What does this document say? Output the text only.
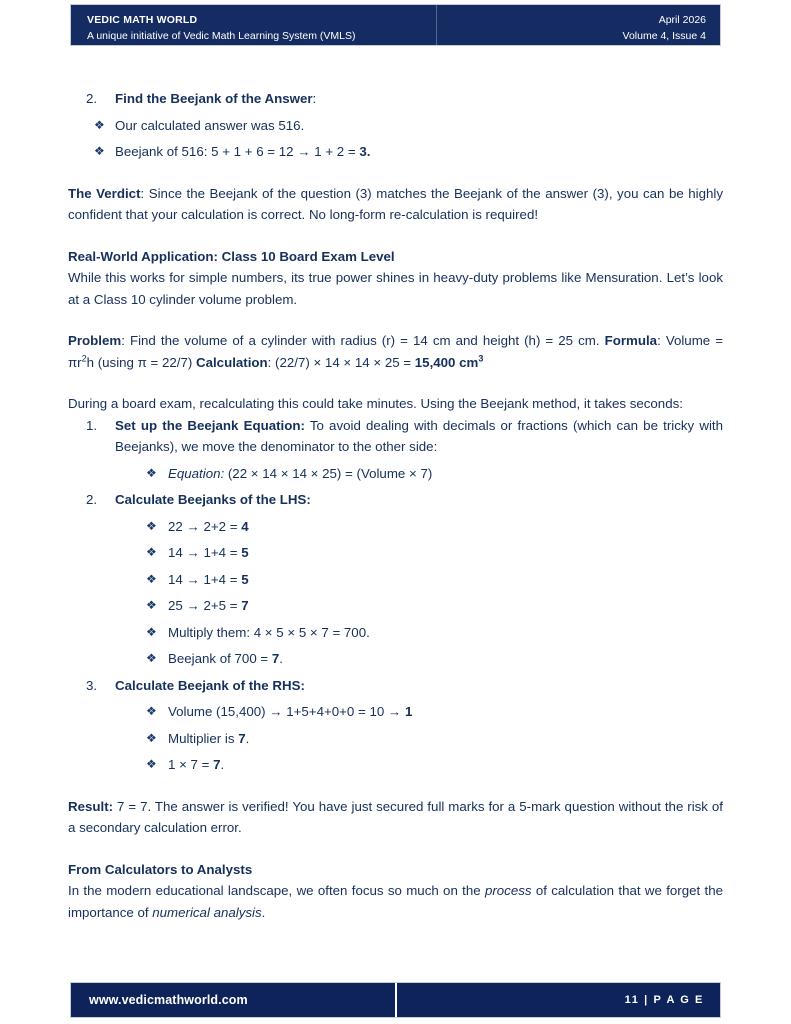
VEDIC MATH WORLD
A unique initiative of Vedic Math Learning System (VMLS)
April 2026
Volume 4, Issue 4
2.	Find the Beejank of the Answer:
❖ Our calculated answer was 516.
❖ Beejank of 516: 5 + 1 + 6 = 12 → 1 + 2 = 3.

The Verdict: Since the Beejank of the question (3) matches the Beejank of the answer (3), you can be highly confident that your calculation is correct. No long-form re-calculation is required!

Real-World Application: Class 10 Board Exam Level

While this works for simple numbers, its true power shines in heavy-duty problems like Mensuration. Let’s look at a Class 10 cylinder volume problem.

Problem: Find the volume of a cylinder with radius (r) = 14 cm and height (h) = 25 cm. Formula: Volume = $\pi r^2h$ (using π = 22/7) Calculation: (22/7) × 14 × 14 × 25 = 15,400 $cm^3$

During a board exam, recalculating this could take minutes. Using the Beejank method, it takes seconds:

1.	Set up the Beejank Equation: To avoid dealing with decimals or fractions (which can be tricky with Beejanks), we move the denominator to the other side:
❖ Equation: (22 × 14 × 14 × 25) = (Volume × 7)
2.	Calculate Beejanks of the LHS:
❖ 22 → 2+2 = 4
❖ 14 → 1+4 = 5
❖ 14 → 1+4 = 5
❖ 25 → 2+5 = 7
❖ Multiply them: 4 × 5 × 5 × 7 = 700.
❖ Beejank of 700 = 7.
3.	Calculate Beejank of the RHS:
❖ Volume (15,400) → 1+5+4+0+0 = 10 → 1
❖ Multiplier is 7.
❖ 1 × 7 = 7.

Result: 7 = 7. The answer is verified! You have just secured full marks for a 5-mark question without the risk of a secondary calculation error.

From Calculators to Analysts

In the modern educational landscape, we often focus so much on the process of calculation that we forget the importance of numerical analysis.

www.vedicmathworld.com	11 | P A G E
